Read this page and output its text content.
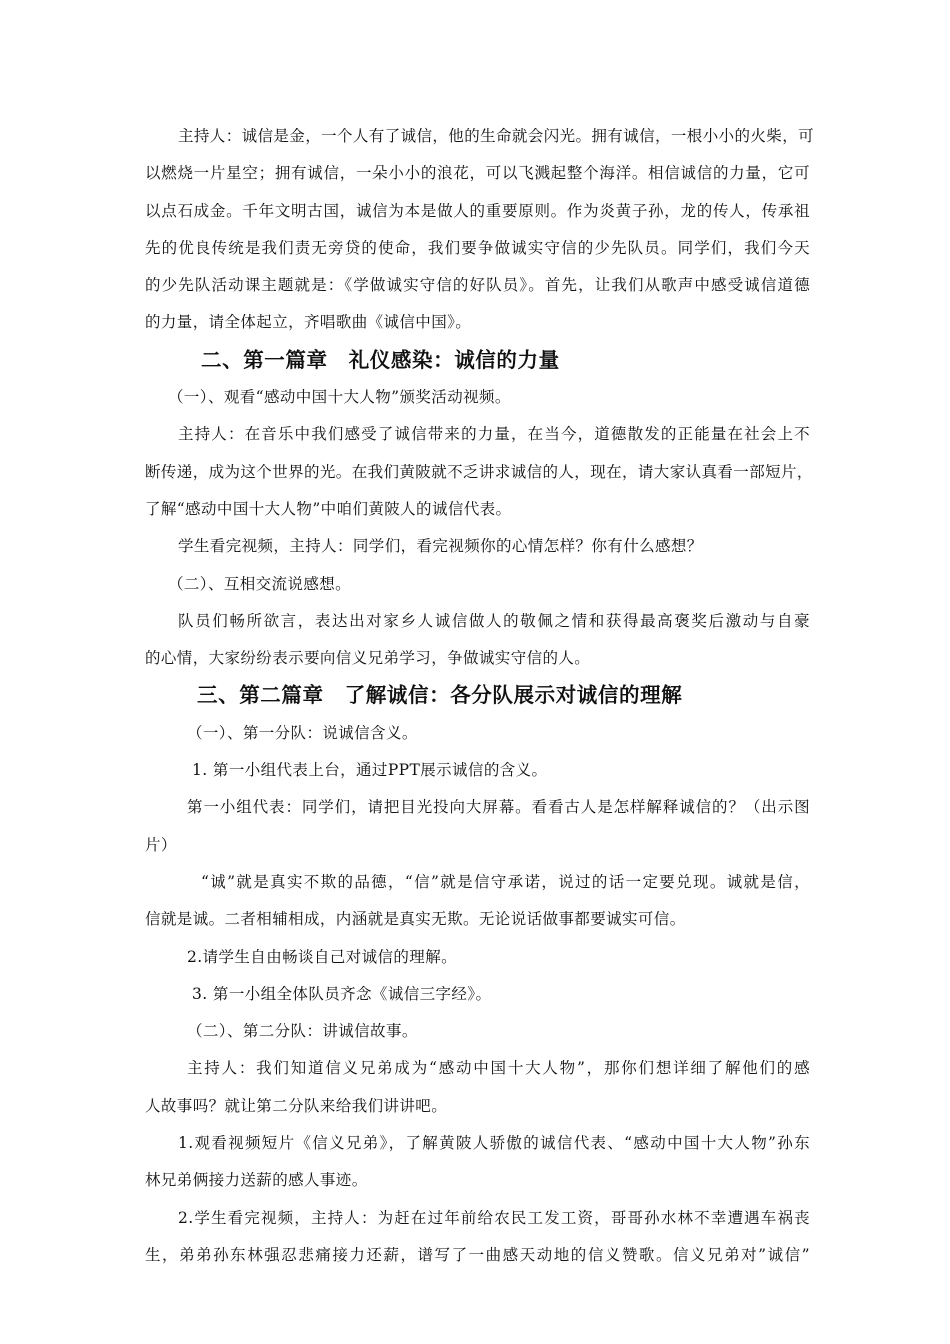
主持人：诚信是金，一个人有了诚信，他的生命就会闪光。拥有诚信，一根小小的火柴，可
以燃烧一片星空；拥有诚信，一朵小小的浪花，可以飞溅起整个海洋。相信诚信的力量，它可
以点石成金。千年文明古国，诚信为本是做人的重要原则。作为炎黄子孙，龙的传人，传承祖
先的优良传统是我们责无旁贷的使命，我们要争做诚实守信的少先队员。同学们，我们今天
的少先队活动课主题就是：《学做诚实守信的好队员》。首先，让我们从歌声中感受诚信道德
的力量，请全体起立，齐唱歌曲《诚信中国》。
二、第一篇章　礼仪感染：诚信的力量
（一）、观看“感动中国十大人物”颁奖活动视频。
主持人：在音乐中我们感受了诚信带来的力量，在当今，道德散发的正能量在社会上不
断传递，成为这个世界的光。在我们黄陂就不乏讲求诚信的人，现在，请大家认真看一部短片，
了解“感动中国十大人物”中咱们黄陂人的诚信代表。
学生看完视频，主持人：同学们，看完视频你的心情怎样？你有什么感想？
（二）、互相交流说感想。
队员们畅所欲言，表达出对家乡人诚信做人的敬佩之情和获得最高褒奖后激动与自豪
的心情，大家纷纷表示要向信义兄弟学习，争做诚实守信的人。
三、第二篇章　了解诚信：各分队展示对诚信的理解
（一）、第一分队：说诚信含义。
1. 第一小组代表上台，通过PPT展示诚信的含义。
第一小组代表：同学们，请把目光投向大屏幕。看看古人是怎样解释诚信的？（出示图
片）
“诚”就是真实不欺的品德，“信”就是信守承诺，说过的话一定要兑现。诚就是信，
信就是诚。二者相辅相成，内涵就是真实无欺。无论说话做事都要诚实可信。
2.请学生自由畅谈自己对诚信的理解。
3. 第一小组全体队员齐念《诚信三字经》。
（二）、第二分队：讲诚信故事。
主持人：我们知道信义兄弟成为“感动中国十大人物”，那你们想详细了解他们的感
人故事吗？就让第二分队来给我们讲讲吧。
1.观看视频短片《信义兄弟》，了解黄陂人骄傲的诚信代表、“感动中国十大人物”孙东
林兄弟俩接力送薪的感人事迹。
2.学生看完视频，主持人：为赶在过年前给农民工发工资，哥哥孙水林不幸遭遇车祸丧
生，弟弟孙东林强忍悲痛接力还薪，谱写了一曲感天动地的信义赞歌。信义兄弟对”诚信”
